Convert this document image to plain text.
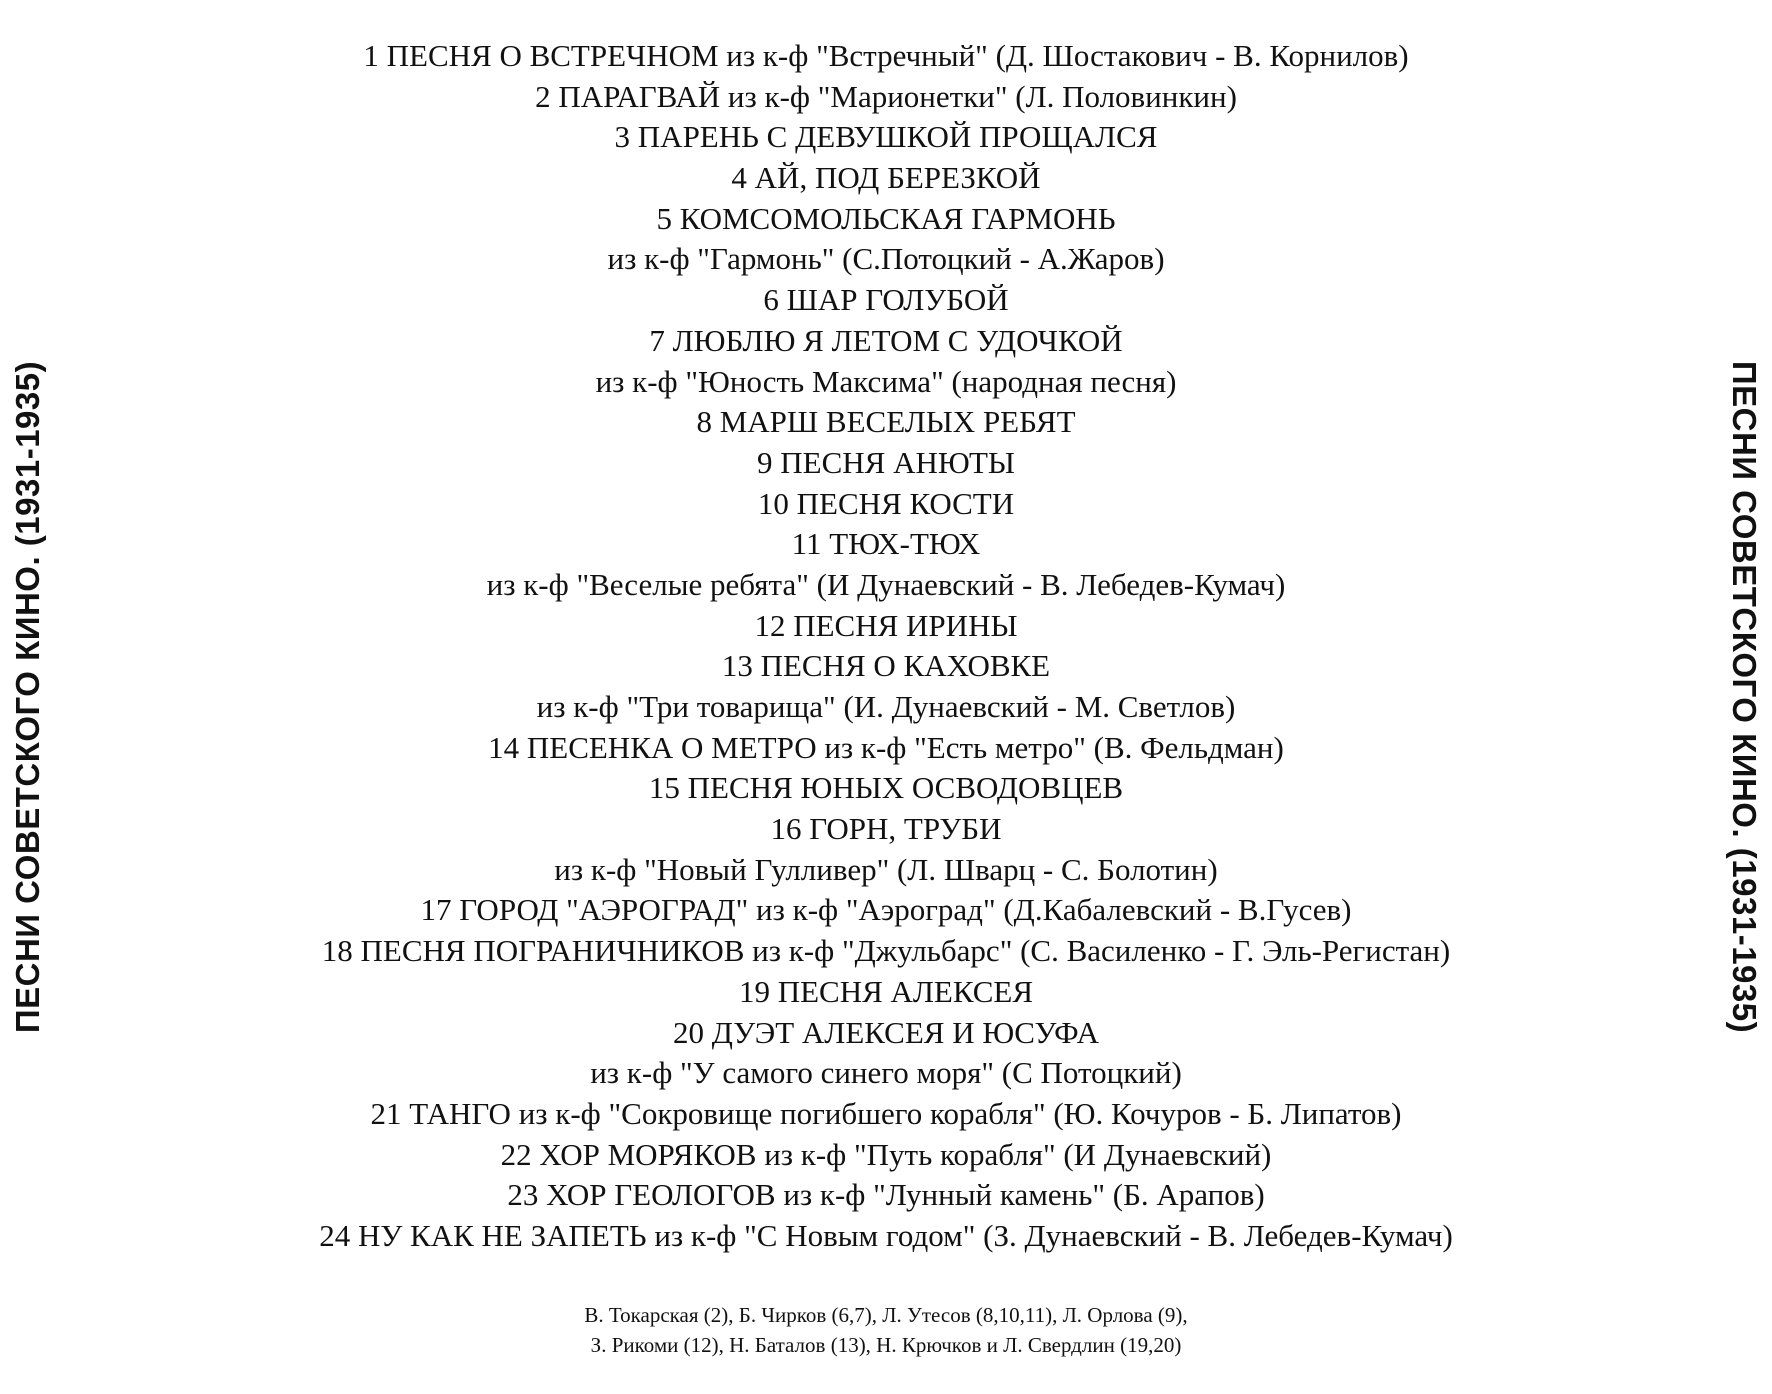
ПЕСНИ СОВЕТСКОГО КИНО. (1931-1935)	ПЕСНИ СОВЕТСКОГО КИНО. (1931-1935)
1 ПЕСНЯ О ВСТРЕЧНОМ из к-ф "Встречный" (Д. Шостакович - В. Корнилов)
2 ПАРАГВАЙ из к-ф "Марионетки" (Л. Половинкин)
3 ПАРЕНЬ С ДЕВУШКОЙ ПРОЩАЛСЯ
4 АЙ, ПОД БЕРЕЗКОЙ
5 КОМСОМОЛЬСКАЯ ГАРМОНЬ
из к-ф "Гармонь" (С.Потоцкий - А.Жаров)
6 ШАР ГОЛУБОЙ
7 ЛЮБЛЮ Я ЛЕТОМ С УДОЧКОЙ
из к-ф "Юность Максима" (народная песня)
8 МАРШ ВЕСЕЛЫХ РЕБЯТ
9 ПЕСНЯ АНЮТЫ
10 ПЕСНЯ КОСТИ
11 ТЮХ-ТЮХ
из к-ф "Веселые ребята" (И Дунаевский - В. Лебедев-Кумач)
12 ПЕСНЯ ИРИНЫ
13 ПЕСНЯ О КАХОВКЕ
из к-ф "Три товарища" (И. Дунаевский - М. Светлов)
14 ПЕСЕНКА О МЕТРО из к-ф "Есть метро" (В. Фельдман)
15 ПЕСНЯ ЮНЫХ ОСВОДОВЦЕВ
16 ГОРН, ТРУБИ
из к-ф "Новый Гулливер" (Л. Шварц - С. Болотин)
17 ГОРОД "АЭРОГРАД" из к-ф "Аэроград" (Д.Кабалевский - В.Гусев)
18 ПЕСНЯ ПОГРАНИЧНИКОВ из к-ф "Джульбарс" (С. Василенко - Г. Эль-Регистан)
19 ПЕСНЯ АЛЕКСЕЯ
20 ДУЭТ АЛЕКСЕЯ И ЮСУФА
из к-ф "У самого синего моря" (С Потоцкий)
21 ТАНГО из к-ф "Сокровище погибшего корабля" (Ю. Кочуров - Б. Липатов)
22 ХОР МОРЯКОВ из к-ф "Путь корабля" (И Дунаевский)
23 ХОР ГЕОЛОГОВ из к-ф "Лунный камень" (Б. Арапов)
24 НУ КАК НЕ ЗАПЕТЬ из к-ф "С Новым годом" (З. Дунаевский - В. Лебедев-Кумач)
В. Токарская (2), Б. Чирков (6,7), Л. Утесов (8,10,11), Л. Орлова (9),
З. Рикоми (12), Н. Баталов (13), Н. Крючков и Л. Свердлин (19,20)
